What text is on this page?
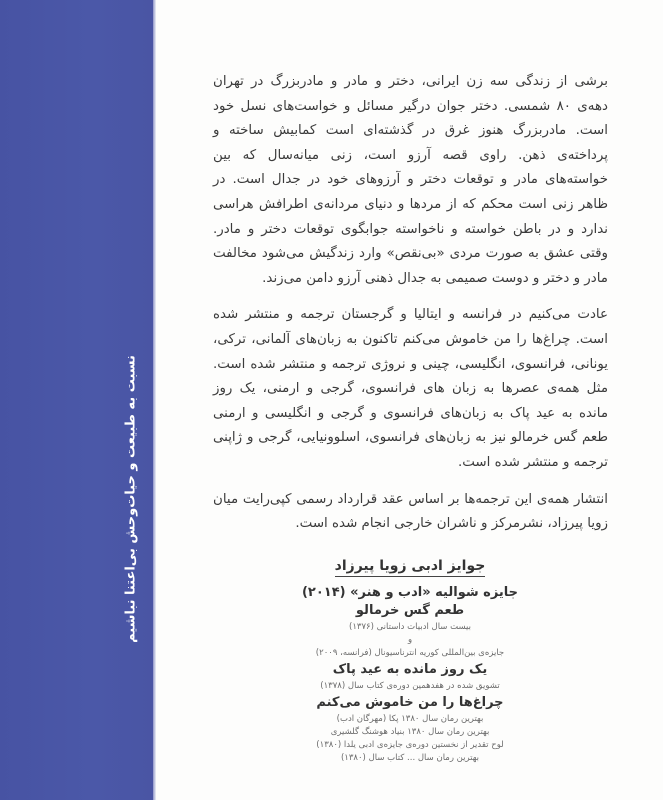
نسبت به طبیعت و حیات‌وحش بی‌اعتنا نباشیم

برشی از زندگی سه زن ایرانی، دختر و مادر و مادربزرگ در تهران دهه‌ی ۸۰ شمسی. دختر جوان درگیر مسائل و خواست‌های نسل خود است. مادربزرگ هنوز غرق در گذشته‌ای است کمابیش ساخته و پرداخته‌ی ذهن. راوی قصه آرزو است، زنی میانه‌سال که بین خواسته‌های مادر و توقعات دختر و آرزوهای خود در جدال است. در ظاهر زنی است محکم که از مردها و دنیای مردانه‌ی اطرافش هراسی ندارد و در باطن خواسته و ناخواسته جوابگوی توقعات دختر و مادر. وقتی عشق به صورت مردی «بی‌نقص» وارد زندگیش می‌شود مخالفت مادر و دختر و دوست صمیمی به جدال ذهنی آرزو دامن می‌زند.

عادت می‌کنیم در فرانسه و ایتالیا و گرجستان ترجمه و منتشر شده است. چراغ‌ها را من خاموش می‌کنم تاکنون به زبان‌های آلمانی، ترکی، یونانی، فرانسوی، انگلیسی، چینی و نروژی ترجمه و منتشر شده است. مثل همه‌ی عصرها به زبان های فرانسوی، گرجی و ارمنی، یک روز مانده به عید پاک به زبان‌های فرانسوی و گرجی و انگلیسی و ارمنی طعم گس خرمالو نیز به زبان‌های فرانسوی، اسلوونیایی، گرجی و ژاپنی ترجمه و منتشر شده است.

انتشار همه‌ی این ترجمه‌ها بر اساس عقد قرارداد رسمی کپی‌رایت میان زویا پیرزاد، نشرمرکز و ناشران خارجی انجام شده است.

جوایز ادبی زویا پیرزاد
جایزه شوالیه «ادب و هنر» (۲۰۱۴)
طعم گس خرمالو
بیست سال ادبیات داستانی (۱۳۷۶)
و
جایزه‌ی بین‌المللی کوریه انترناسیونال (فرانسه، ۲۰۰۹)
یک روز مانده به عید پاک
تشویق شده در هفدهمین دوره‌ی کتاب سال (۱۳۷۸)
چراغ‌ها را من خاموش می‌کنم
بهترین رمان سال ۱۳۸۰ پکا (مهرگان ادب)
بهترین رمان سال ۱۳۸۰ بنیاد هوشنگ گلشیری
لوح تقدیر از نخستین دوره‌ی جایزه‌ی ادبی یلدا (۱۳۸۰)
بهترین رمان سال ... کتاب سال (۱۳۸۰)
